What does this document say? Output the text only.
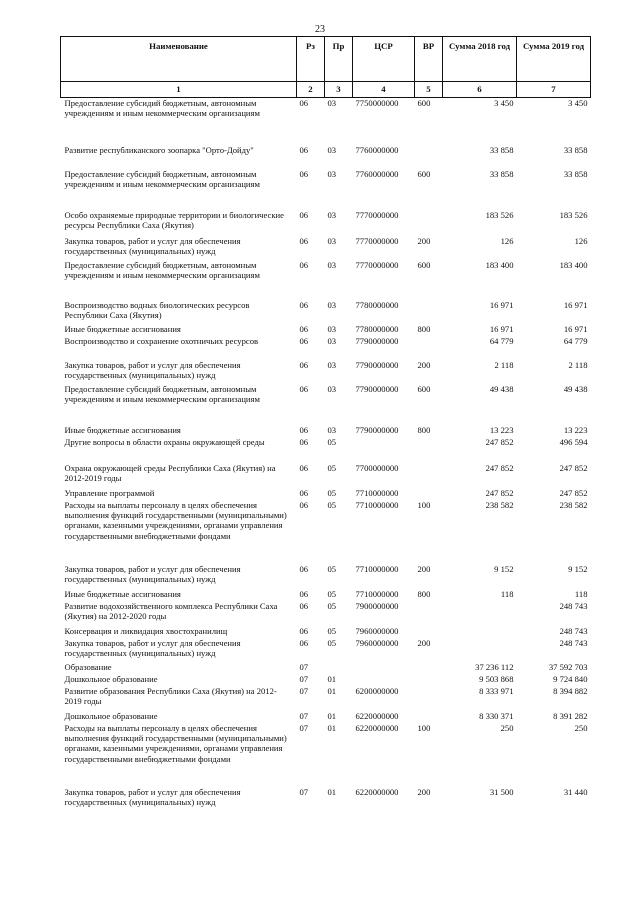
23
Наименование	Рз	Пр	ЦСР	ВР	Сумма 2018 год	Сумма 2019 год
1	2	3	4	5	6	7
Предоставление субсидий бюджетным, автономным учреждениям и иным некоммерческим организациям	06	03	7750000000	600	3 450	3 450
Развитие республиканского зоопарка "Орто-Дойду"	06	03	7760000000		33 858	33 858
Предоставление субсидий бюджетным, автономным учреждениям и иным некоммерческим организациям	06	03	7760000000	600	33 858	33 858
Особо охраняемые природные территории и биологические ресурсы Республики Саха (Якутия)	06	03	7770000000		183 526	183 526
Закупка товаров, работ и услуг для обеспечения государственных (муниципальных) нужд	06	03	7770000000	200	126	126
Предоставление субсидий бюджетным, автономным учреждениям и иным некоммерческим организациям	06	03	7770000000	600	183 400	183 400
Воспроизводство водных биологических ресурсов Республики Саха (Якутия)	06	03	7780000000		16 971	16 971
Иные бюджетные ассигнования	06	03	7780000000	800	16 971	16 971
Воспроизводство и сохранение охотничьих ресурсов	06	03	7790000000		64 779	64 779
Закупка товаров, работ и услуг для обеспечения государственных (муниципальных) нужд	06	03	7790000000	200	2 118	2 118
Предоставление субсидий бюджетным, автономным учреждениям и иным некоммерческим организациям	06	03	7790000000	600	49 438	49 438
Иные бюджетные ассигнования	06	03	7790000000	800	13 223	13 223
Другие вопросы в области охраны окружающей среды	06	05			247 852	496 594
Охрана окружающей среды Республики Саха (Якутия) на 2012-2019 годы	06	05	7700000000		247 852	247 852
Управление программой	06	05	7710000000		247 852	247 852
Расходы на выплаты персоналу в целях обеспечения выполнения функций государственными (муниципальными) органами, казенными учреждениями, органами управления государственными внебюджетными фондами	06	05	7710000000	100	238 582	238 582
Закупка товаров, работ и услуг для обеспечения государственных (муниципальных) нужд	06	05	7710000000	200	9 152	9 152
Иные бюджетные ассигнования	06	05	7710000000	800	118	118
Развитие водохозяйственного комплекса Республики Саха (Якутия) на 2012-2020 годы	06	05	7900000000			248 743
Консервация и ликвидация хвостохранилищ	06	05	7960000000			248 743
Закупка товаров, работ и услуг для обеспечения государственных (муниципальных) нужд	06	05	7960000000	200		248 743
Образование	07				37 236 112	37 592 703
Дошкольное образование	07	01			9 503 868	9 724 840
Развитие образования Республики Саха (Якутия) на 2012-2019 годы	07	01	6200000000		8 333 971	8 394 882
Дошкольное образование	07	01	6220000000		8 330 371	8 391 282
Расходы на выплаты персоналу в целях обеспечения выполнения функций государственными (муниципальными) органами, казенными учреждениями, органами управления государственными внебюджетными фондами	07	01	6220000000	100	250	250
Закупка товаров, работ и услуг для обеспечения государственных (муниципальных) нужд	07	01	6220000000	200	31 500	31 440
